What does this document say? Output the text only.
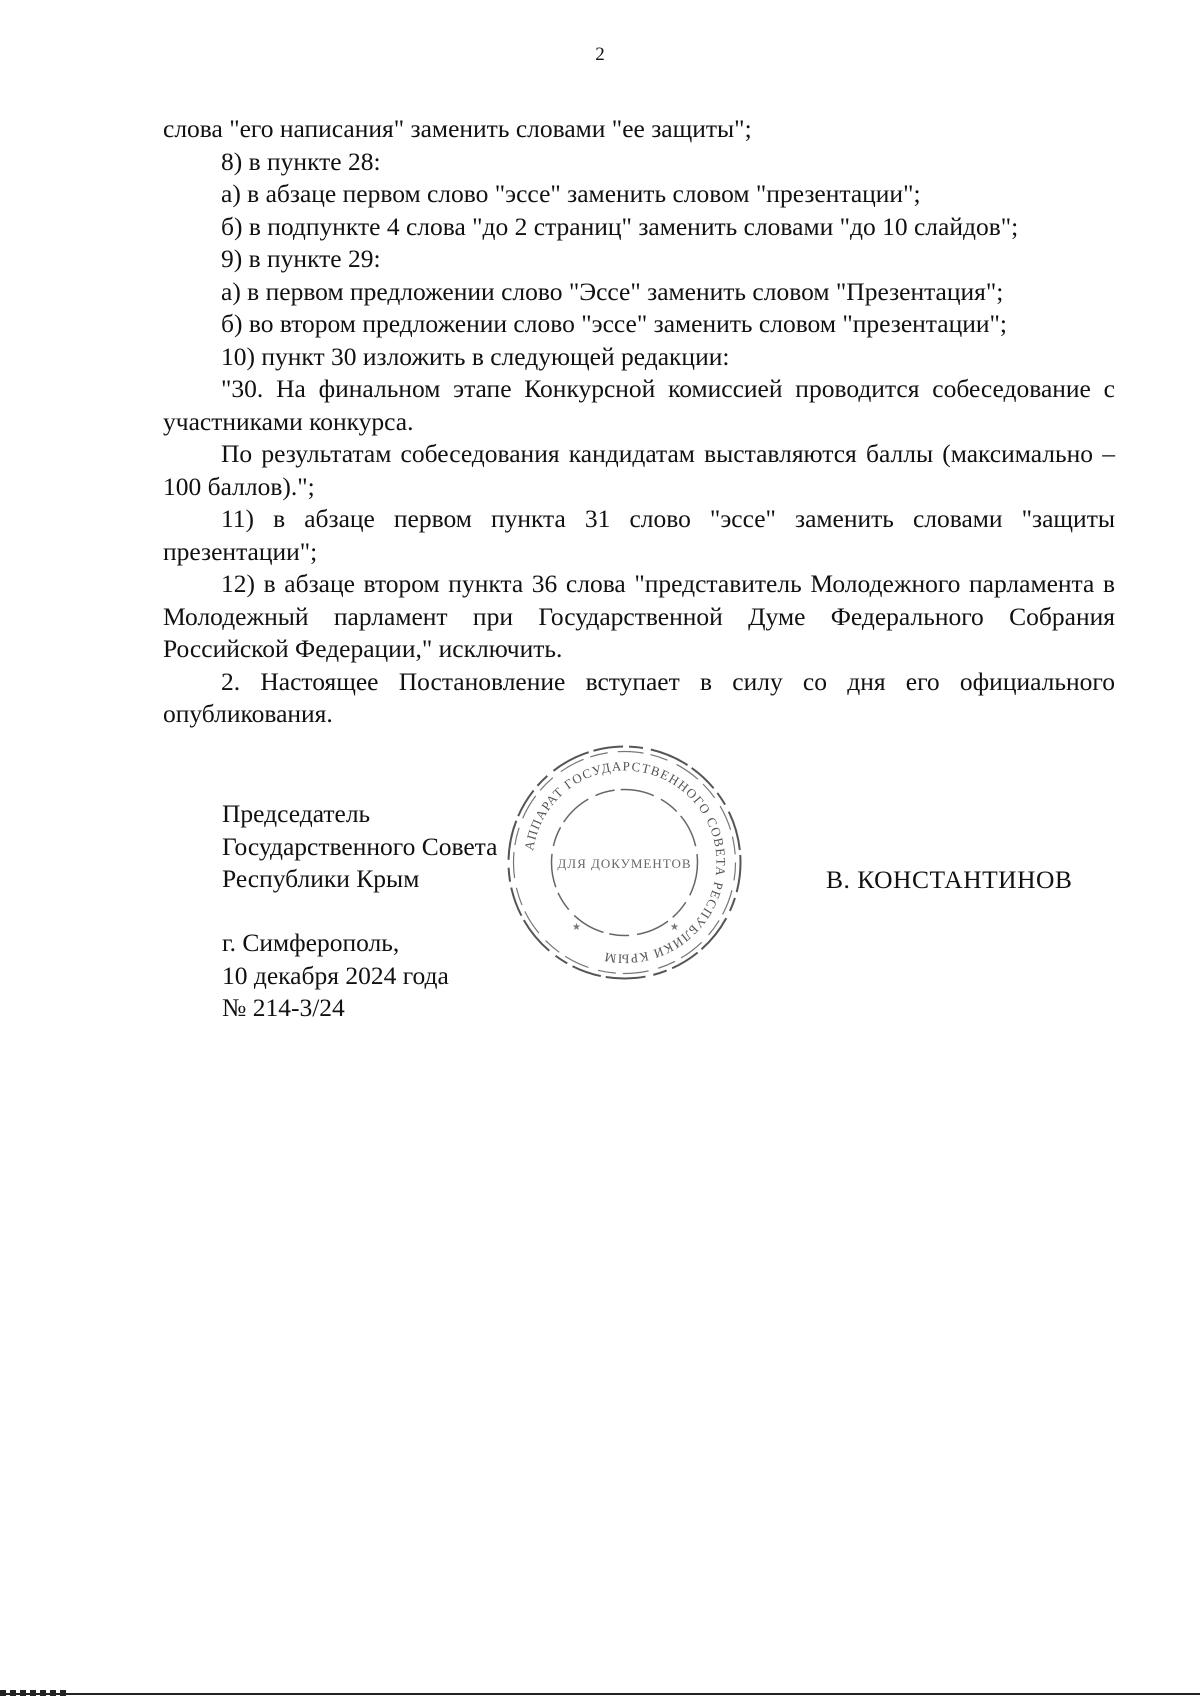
2

слова "его написания" заменить словами "ее защиты";

8) в пункте 28:

а) в абзаце первом слово "эссе" заменить словом "презентации";

б) в подпункте 4 слова "до 2 страниц" заменить словами "до 10 слайдов";

9) в пункте 29:

а) в первом предложении слово "Эссе" заменить словом "Презентация";

б) во втором предложении слово "эссе" заменить словом "презентации";

10) пункт 30 изложить в следующей редакции:

"30. На финальном этапе Конкурсной комиссией проводится собеседование с участниками конкурса.

По результатам собеседования кандидатам выставляются баллы (максимально – 100 баллов).";

11) в абзаце первом пункта 31 слово "эссе" заменить словами "защиты презентации";

12) в абзаце втором пункта 36 слова "представитель Молодежного парламента в Молодежный парламент при Государственной Думе Федерального Собрания Российской Федерации," исключить.

2. Настоящее Постановление вступает в силу со дня его официального опубликования.

Председатель
Государственного Совета
Республики Крым	В. КОНСТАНТИНОВ
г. Симферополь,
10 декабря 2024 года
№ 214-3/24
АППАРАТ ГОСУДАРСТВЕННОГО СОВЕТА РЕСПУБЛИКИ КРЫМ
ДЛЯ ДОКУМЕНТОВ
★	★
